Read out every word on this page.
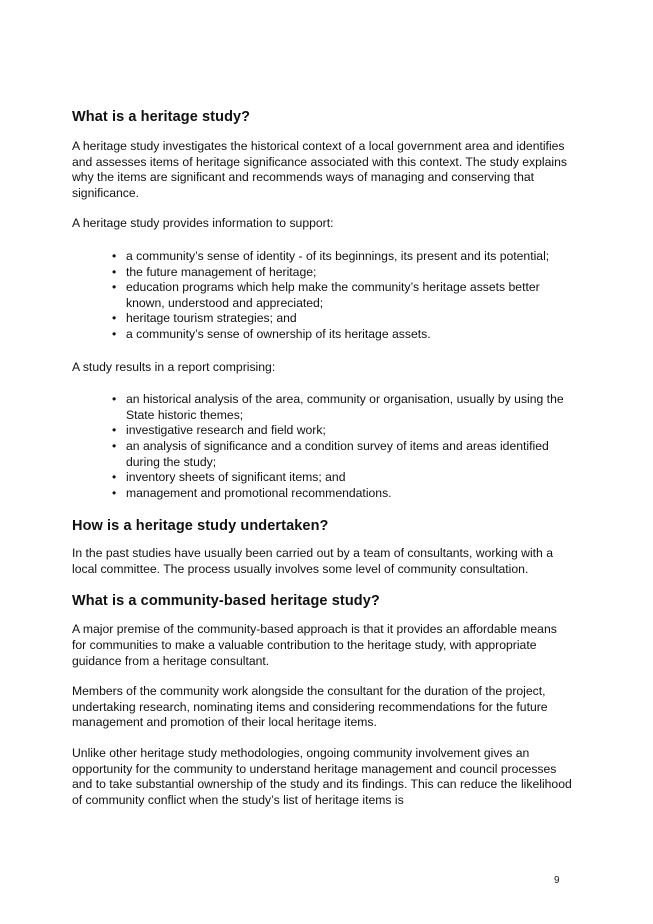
What is a heritage study?

A heritage study investigates the historical context of a local government area and identifies and assesses items of heritage significance associated with this context. The study explains why the items are significant and recommends ways of managing and conserving that significance.

A heritage study provides information to support:

• a community’s sense of identity - of its beginnings, its present and its potential;
• the future management of heritage;
• education programs which help make the community’s heritage assets better known, understood and appreciated;
• heritage tourism strategies; and
• a community’s sense of ownership of its heritage assets.

A study results in a report comprising:

• an historical analysis of the area, community or organisation, usually by using the State historic themes;
• investigative research and field work;
• an analysis of significance and a condition survey of items and areas identified during the study;
• inventory sheets of significant items; and
• management and promotional recommendations.
How is a heritage study undertaken?

In the past studies have usually been carried out by a team of consultants, working with a local committee. The process usually involves some level of community consultation.

What is a community-based heritage study?

A major premise of the community-based approach is that it provides an affordable means for communities to make a valuable contribution to the heritage study, with appropriate guidance from a heritage consultant.

Members of the community work alongside the consultant for the duration of the project, undertaking research, nominating items and considering recommendations for the future management and promotion of their local heritage items.

Unlike other heritage study methodologies, ongoing community involvement gives an opportunity for the community to understand heritage management and council processes and to take substantial ownership of the study and its findings. This can reduce the likelihood of community conflict when the study’s list of heritage items is

9
